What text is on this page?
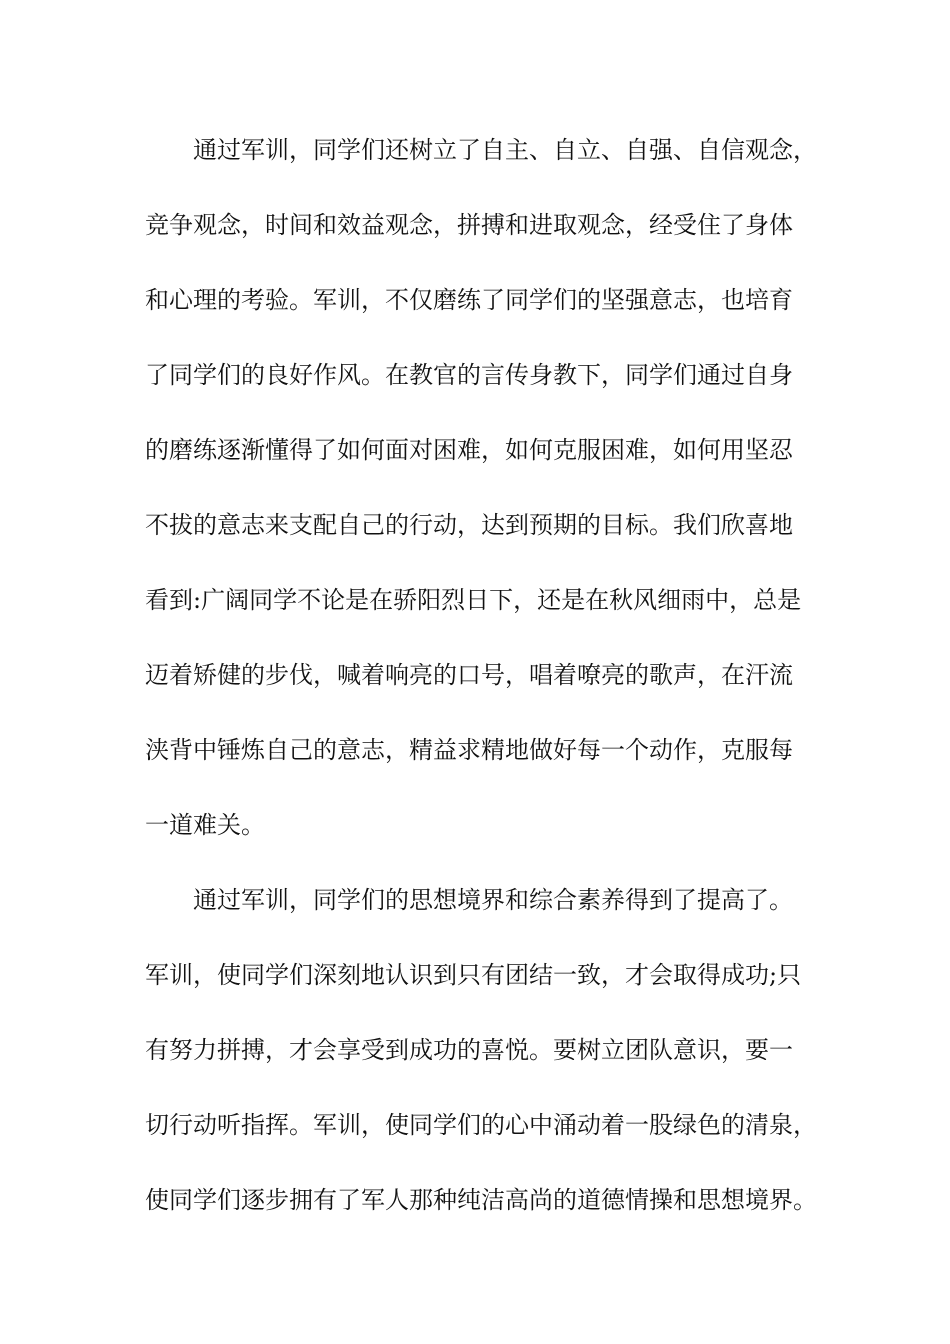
通过军训，同学们还树立了自主、自立、自强、自信观念，
竞争观念，时间和效益观念，拼搏和进取观念，经受住了身体
和心理的考验。军训，不仅磨练了同学们的坚强意志，也培育
了同学们的良好作风。在教官的言传身教下，同学们通过自身
的磨练逐渐懂得了如何面对困难，如何克服困难，如何用坚忍
不拔的意志来支配自己的行动，达到预期的目标。我们欣喜地
看到:广阔同学不论是在骄阳烈日下，还是在秋风细雨中，总是
迈着矫健的步伐，喊着响亮的口号，唱着嘹亮的歌声，在汗流
浃背中锤炼自己的意志，精益求精地做好每一个动作，克服每
一道难关。
通过军训，同学们的思想境界和综合素养得到了提高了。
军训，使同学们深刻地认识到只有团结一致，才会取得成功;只
有努力拼搏，才会享受到成功的喜悦。要树立团队意识，要一
切行动听指挥。军训，使同学们的心中涌动着一股绿色的清泉，
使同学们逐步拥有了军人那种纯洁高尚的道德情操和思想境界。
